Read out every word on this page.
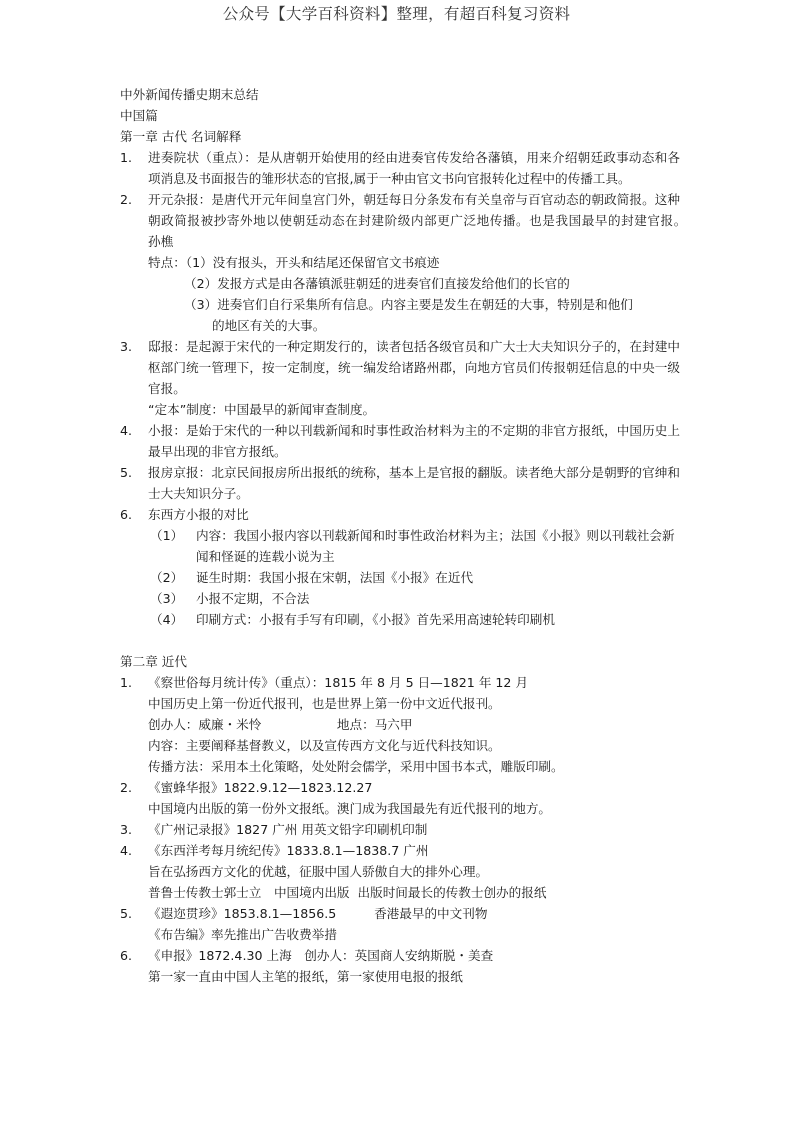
公众号【大学百科资料】整理，有超百科复习资料
中外新闻传播史期末总结
中国篇
第一章 古代 名词解释
1. 进奏院状（重点）：是从唐朝开始使用的经由进奏官传发给各藩镇，用来介绍朝廷政事动态和各项消息及书面报告的雏形状态的官报,属于一种由官文书向官报转化过程中的传播工具。
2. 开元杂报：是唐代开元年间皇宫门外，朝廷每日分条发布有关皇帝与百官动态的朝政简报。这种朝政简报被抄寄外地以使朝廷动态在封建阶级内部更广泛地传播。也是我国最早的封建官报。　　孙樵
特点：（1）没有报头，开头和结尾还保留官文书痕迹
（2）发报方式是由各藩镇派驻朝廷的进奏官们直接发给他们的长官的
（3）进奏官们自行采集所有信息。内容主要是发生在朝廷的大事，特别是和他们
的地区有关的大事。
3. 邸报：是起源于宋代的一种定期发行的，读者包括各级官员和广大士大夫知识分子的，在封建中枢部门统一管理下，按一定制度，统一编发给诸路州郡，向地方官员们传报朝廷信息的中央一级官报。
“定本”制度：中国最早的新闻审查制度。
4. 小报：是始于宋代的一种以刊载新闻和时事性政治材料为主的不定期的非官方报纸，中国历史上最早出现的非官方报纸。
5. 报房京报：北京民间报房所出报纸的统称，基本上是官报的翻版。读者绝大部分是朝野的官绅和士大夫知识分子。
6. 东西方小报的对比
（1） 内容：我国小报内容以刊载新闻和时事性政治材料为主；法国《小报》则以刊载社会新闻和怪诞的连载小说为主
（2） 诞生时期：我国小报在宋朝，法国《小报》在近代
（3） 小报不定期，不合法
（4） 印刷方式：小报有手写有印刷，《小报》首先采用高速轮转印刷机
第二章 近代
1. 《察世俗每月统计传》（重点）：1815 年 8 月 5 日—1821 年 12 月
中国历史上第一份近代报刊，也是世界上第一份中文近代报刊。
创办人：威廉・米怜　　　　　　地点：马六甲
内容：主要阐释基督教义，以及宣传西方文化与近代科技知识。
传播方法：采用本土化策略，处处附会儒学，采用中国书本式，雕版印刷。
2. 《蜜蜂华报》1822.9.12—1823.12.27
中国境内出版的第一份外文报纸。澳门成为我国最先有近代报刊的地方。
3. 《广州记录报》1827 广州 用英文铅字印刷机印制
4. 《东西洋考每月统纪传》1833.8.1—1838.7 广州
旨在弘扬西方文化的优越，征服中国人骄傲自大的排外心理。
普鲁士传教士郭士立　中国境内出版  出版时间最长的传教士创办的报纸
5. 《遐迩贯珍》1853.8.1—1856.5　　　香港最早的中文刊物
《布告编》率先推出广告收费举措
6. 《申报》1872.4.30 上海　创办人：英国商人安纳斯脱・美查
第一家一直由中国人主笔的报纸，第一家使用电报的报纸
